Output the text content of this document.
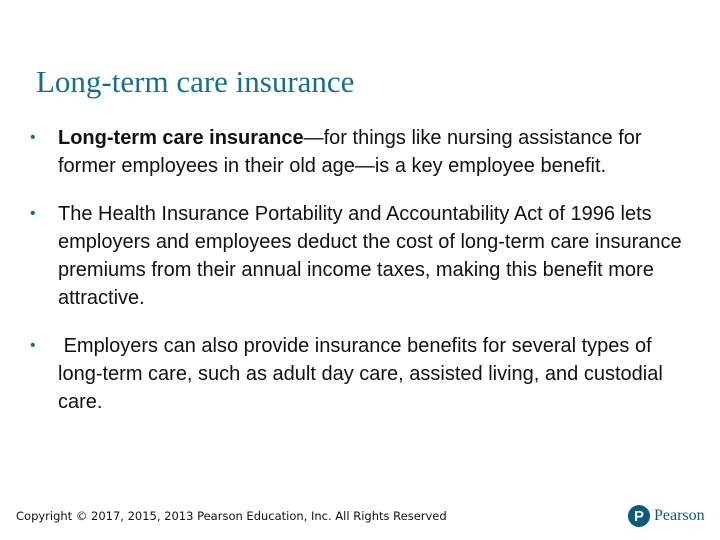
Long-term care insurance
• Long-term care insurance—for things like nursing assistance for former employees in their old age—is a key employee benefit.
• The Health Insurance Portability and Accountability Act of 1996 lets employers and employees deduct the cost of long-term care insurance premiums from their annual income taxes, making this benefit more attractive.
• Employers can also provide insurance benefits for several types of long-term care, such as adult day care, assisted living, and custodial care.
Copyright © 2017, 2015, 2013 Pearson Education, Inc. All Rights Reserved	P Pearson
